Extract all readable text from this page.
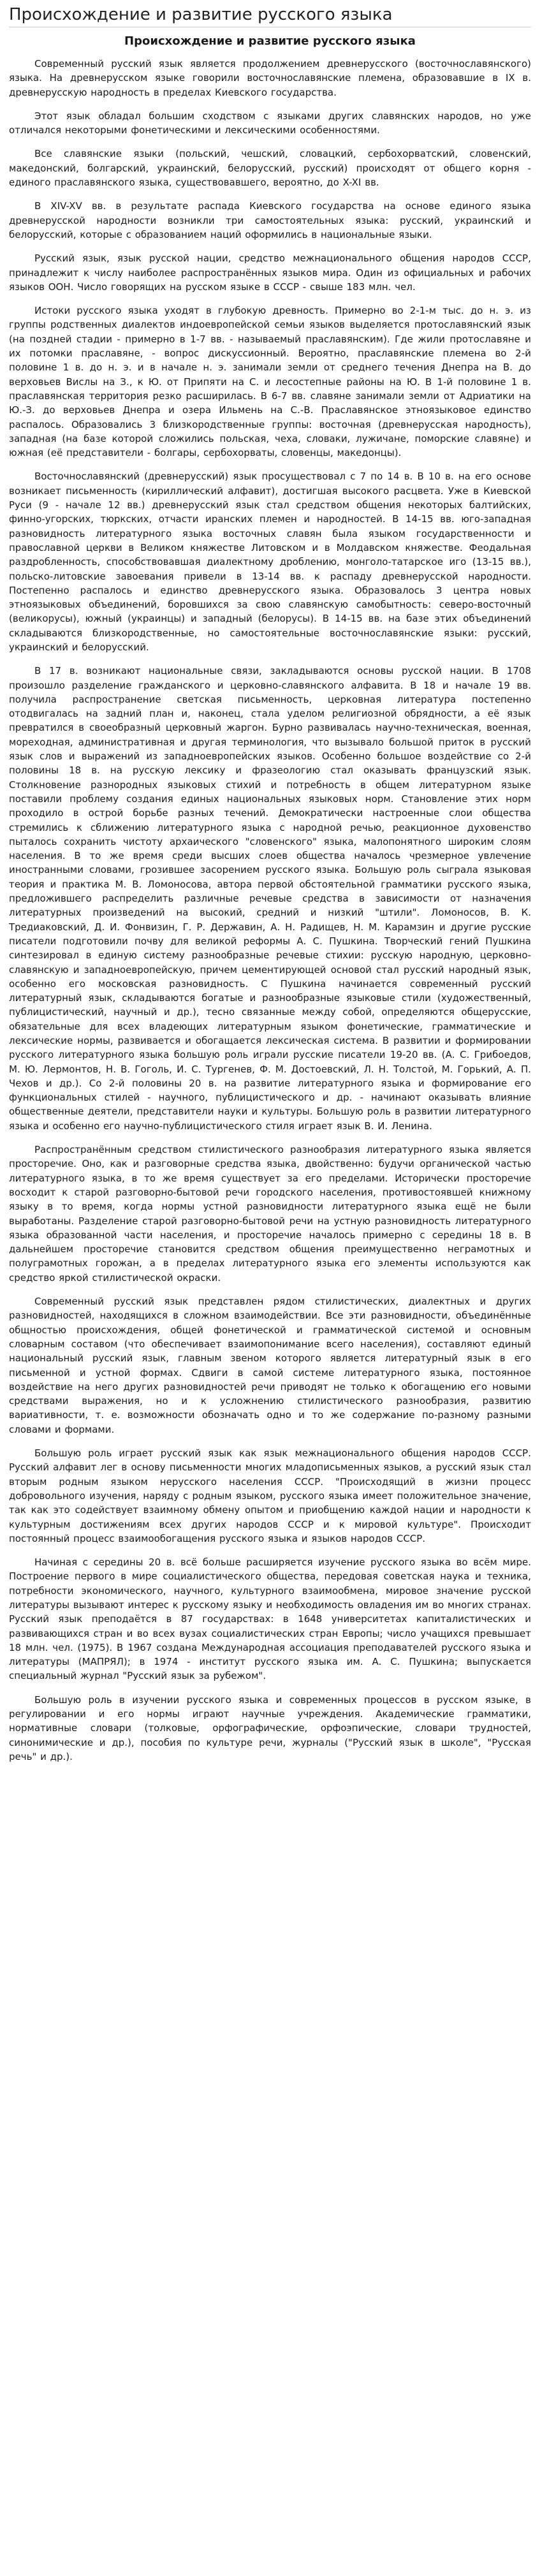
Происхождение и развитие русского языка
Происхождение и развитие русского языка

Современный русский язык является продолжением древнерусского (восточнославянского) языка. На древнерусском языке говорили восточнославянские племена, образовавшие в IX в. древнерусскую народность в пределах Киевского государства.

Этот язык обладал большим сходством с языками других славянских народов, но уже отличался некоторыми фонетическими и лексическими особенностями.

Все славянские языки (польский, чешский, словацкий, сербохорватский, словенский, македонский, болгарский, украинский, белорусский, русский) происходят от общего корня - единого праславянского языка, существовавшего, вероятно, до X-XI вв.

В XIV-XV вв. в результате распада Киевского государства на основе единого языка древнерусской народности возникли три самостоятельных языка: русский, украинский и белорусский, которые с образованием наций оформились в национальные языки.

Русский язык, язык русской нации, средство межнационального общения народов СССР, принадлежит к числу наиболее распространённых языков мира. Один из официальных и рабочих языков ООН. Число говорящих на русском языке в СССР - свыше 183 млн. чел.

Истоки русского языка уходят в глубокую древность. Примерно во 2-1-м тыс. до н. э. из группы родственных диалектов индоевропейской семьи языков выделяется протославянский язык (на поздней стадии - примерно в 1-7 вв. - называемый праславянским). Где жили протославяне и их потомки праславяне, - вопрос дискуссионный. Вероятно, праславянские племена во 2-й половине 1 в. до н. э. и в начале н. э. занимали земли от среднего течения Днепра на В. до верховьев Вислы на З., к Ю. от Припяти на С. и лесостепные районы на Ю. В 1-й половине 1 в. праславянская территория резко расширилась. В 6-7 вв. славяне занимали земли от Адриатики на Ю.-З. до верховьев Днепра и озера Ильмень на С.-В. Праславянское этноязыковое единство распалось. Образовались 3 близкородственные группы: восточная (древнерусская народность), западная (на базе которой сложились польская, чеха, словаки, лужичане, поморские славяне) и южная (её представители - болгары, сербохорваты, словенцы, македонцы).

Восточнославянский (древнерусский) язык просуществовал с 7 по 14 в. В 10 в. на его основе возникает письменность (кириллический алфавит), достигшая высокого расцвета. Уже в Киевской Руси (9 - начале 12 вв.) древнерусский язык стал средством общения некоторых балтийских, финно-угорских, тюркских, отчасти иранских племен и народностей. В 14-15 вв. юго-западная разновидность литературного языка восточных славян была языком государственности и православной церкви в Великом княжестве Литовском и в Молдавском княжестве. Феодальная раздробленность, способствовавшая диалектному дроблению, монголо-татарское иго (13-15 вв.), польско-литовские завоевания привели в 13-14 вв. к распаду древнерусской народности. Постепенно распалось и единство древнерусского языка. Образовалось 3 центра новых этноязыковых объединений, боровшихся за свою славянскую самобытность: северо-восточный (великорусы), южный (украинцы) и западный (белорусы). В 14-15 вв. на базе этих объединений складываются близкородственные, но самостоятельные восточнославянские языки: русский, украинский и белорусский.

В 17 в. возникают национальные связи, закладываются основы русской нации. В 1708 произошло разделение гражданского и церковно-славянского алфавита. В 18 и начале 19 вв. получила распространение светская письменность, церковная литература постепенно отодвигалась на задний план и, наконец, стала уделом религиозной обрядности, а её язык превратился в своеобразный церковный жаргон. Бурно развивалась научно-техническая, военная, мореходная, административная и другая терминология, что вызывало большой приток в русский язык слов и выражений из западноевропейских языков. Особенно большое воздействие со 2-й половины 18 в. на русскую лексику и фразеологию стал оказывать французский язык. Столкновение разнородных языковых стихий и потребность в общем литературном языке поставили проблему создания единых национальных языковых норм. Становление этих норм проходило в острой борьбе разных течений. Демократически настроенные слои общества стремились к сближению литературного языка с народной речью, реакционное духовенство пыталось сохранить чистоту архаического "словенского" языка, малопонятного широким слоям населения. В то же время среди высших слоев общества началось чрезмерное увлечение иностранными словами, грозившее засорением русского языка. Большую роль сыграла языковая теория и практика М. В. Ломоносова, автора первой обстоятельной грамматики русского языка, предложившего распределить различные речевые средства в зависимости от назначения литературных произведений на высокий, средний и низкий "штили". Ломоносов, В. К. Тредиаковский, Д. И. Фонвизин, Г. Р. Державин, А. Н. Радищев, Н. М. Карамзин и другие русские писатели подготовили почву для великой реформы А. С. Пушкина. Творческий гений Пушкина синтезировал в единую систему разнообразные речевые стихии: русскую народную, церковно-славянскую и западноевропейскую, причем цементирующей основой стал русский народный язык, особенно его московская разновидность. С Пушкина начинается современный русский литературный язык, складываются богатые и разнообразные языковые стили (художественный, публицистический, научный и др.), тесно связанные между собой, определяются общерусские, обязательные для всех владеющих литературным языком фонетические, грамматические и лексические нормы, развивается и обогащается лексическая система. В развитии и формировании русского литературного языка большую роль играли русские писатели 19-20 вв. (А. С. Грибоедов, М. Ю. Лермонтов, Н. В. Гоголь, И. С. Тургенев, Ф. М. Достоевский, Л. Н. Толстой, М. Горький, А. П. Чехов и др.). Со 2-й половины 20 в. на развитие литературного языка и формирование его функциональных стилей - научного, публицистического и др. - начинают оказывать влияние общественные деятели, представители науки и культуры. Большую роль в развитии литературного языка и особенно его научно-публицистического стиля играет язык В. И. Ленина.

Распространённым средством стилистического разнообразия литературного языка является просторечие. Оно, как и разговорные средства языка, двойственно: будучи органической частью литературного языка, в то же время существует за его пределами. Исторически просторечие восходит к старой разговорно-бытовой речи городского населения, противостоявшей книжному языку в то время, когда нормы устной разновидности литературного языка ещё не были выработаны. Разделение старой разговорно-бытовой речи на устную разновидность литературного языка образованной части населения, и просторечие началось примерно с середины 18 в. В дальнейшем просторечие становится средством общения преимущественно неграмотных и полуграмотных горожан, а в пределах литературного языка его элементы используются как средство яркой стилистической окраски.

Современный русский язык представлен рядом стилистических, диалектных и других разновидностей, находящихся в сложном взаимодействии. Все эти разновидности, объединённые общностью происхождения, общей фонетической и грамматической системой и основным словарным составом (что обеспечивает взаимопонимание всего населения), составляют единый национальный русский язык, главным звеном которого является литературный язык в его письменной и устной формах. Сдвиги в самой системе литературного языка, постоянное воздействие на него других разновидностей речи приводят не только к обогащению его новыми средствами выражения, но и к усложнению стилистического разнообразия, развитию вариативности, т. е. возможности обозначать одно и то же содержание по-разному разными словами и формами.

Большую роль играет русский язык как язык межнационального общения народов СССР. Русский алфавит лег в основу письменности многих младописьменных языков, а русский язык стал вторым родным языком нерусского населения СССР. "Происходящий в жизни процесс добровольного изучения, наряду с родным языком, русского языка имеет положительное значение, так как это содействует взаимному обмену опытом и приобщению каждой нации и народности к культурным достижениям всех других народов СССР и к мировой культуре". Происходит постоянный процесс взаимообогащения русского языка и языков народов СССР.

Начиная с середины 20 в. всё больше расширяется изучение русского языка во всём мире. Построение первого в мире социалистического общества, передовая советская наука и техника, потребности экономического, научного, культурного взаимообмена, мировое значение русской литературы вызывают интерес к русскому языку и необходимость овладения им во многих странах. Русский язык преподаётся в 87 государствах: в 1648 университетах капиталистических и развивающихся стран и во всех вузах социалистических стран Европы; число учащихся превышает 18 млн. чел. (1975). В 1967 создана Международная ассоциация преподавателей русского языка и литературы (МАПРЯЛ); в 1974 - институт русского языка им. А. С. Пушкина; выпускается специальный журнал "Русский язык за рубежом".

Большую роль в изучении русского языка и современных процессов в русском языке, в регулировании и его нормы играют научные учреждения. Академические грамматики, нормативные словари (толковые, орфографические, орфоэпические, словари трудностей, синонимические и др.), пособия по культуре речи, журналы ("Русский язык в школе", "Русская речь" и др.).
